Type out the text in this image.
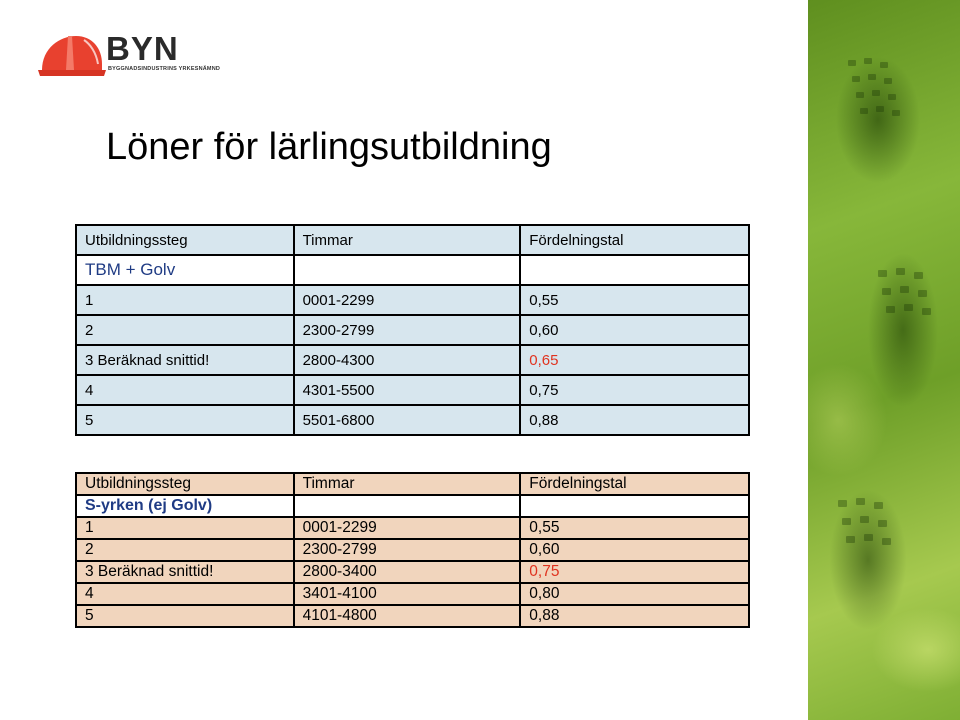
BYN
BYGGNADSINDUSTRINS YRKESNÄMND
Löner för lärlingsutbildning
Utbildningssteg	Timmar	Fördelningstal
TBM + Golv		
1	0001-2299	0,55
2	2300-2799	0,60
3 Beräknad snittid!	2800-4300	0,65
4	4301-5500	0,75
5	5501-6800	0,88
Utbildningssteg	Timmar	Fördelningstal
S-yrken (ej Golv)		
1	0001-2299	0,55
2	2300-2799	0,60
3 Beräknad snittid!	2800-3400	0,75
4	3401-4100	0,80
5	4101-4800	0,88
